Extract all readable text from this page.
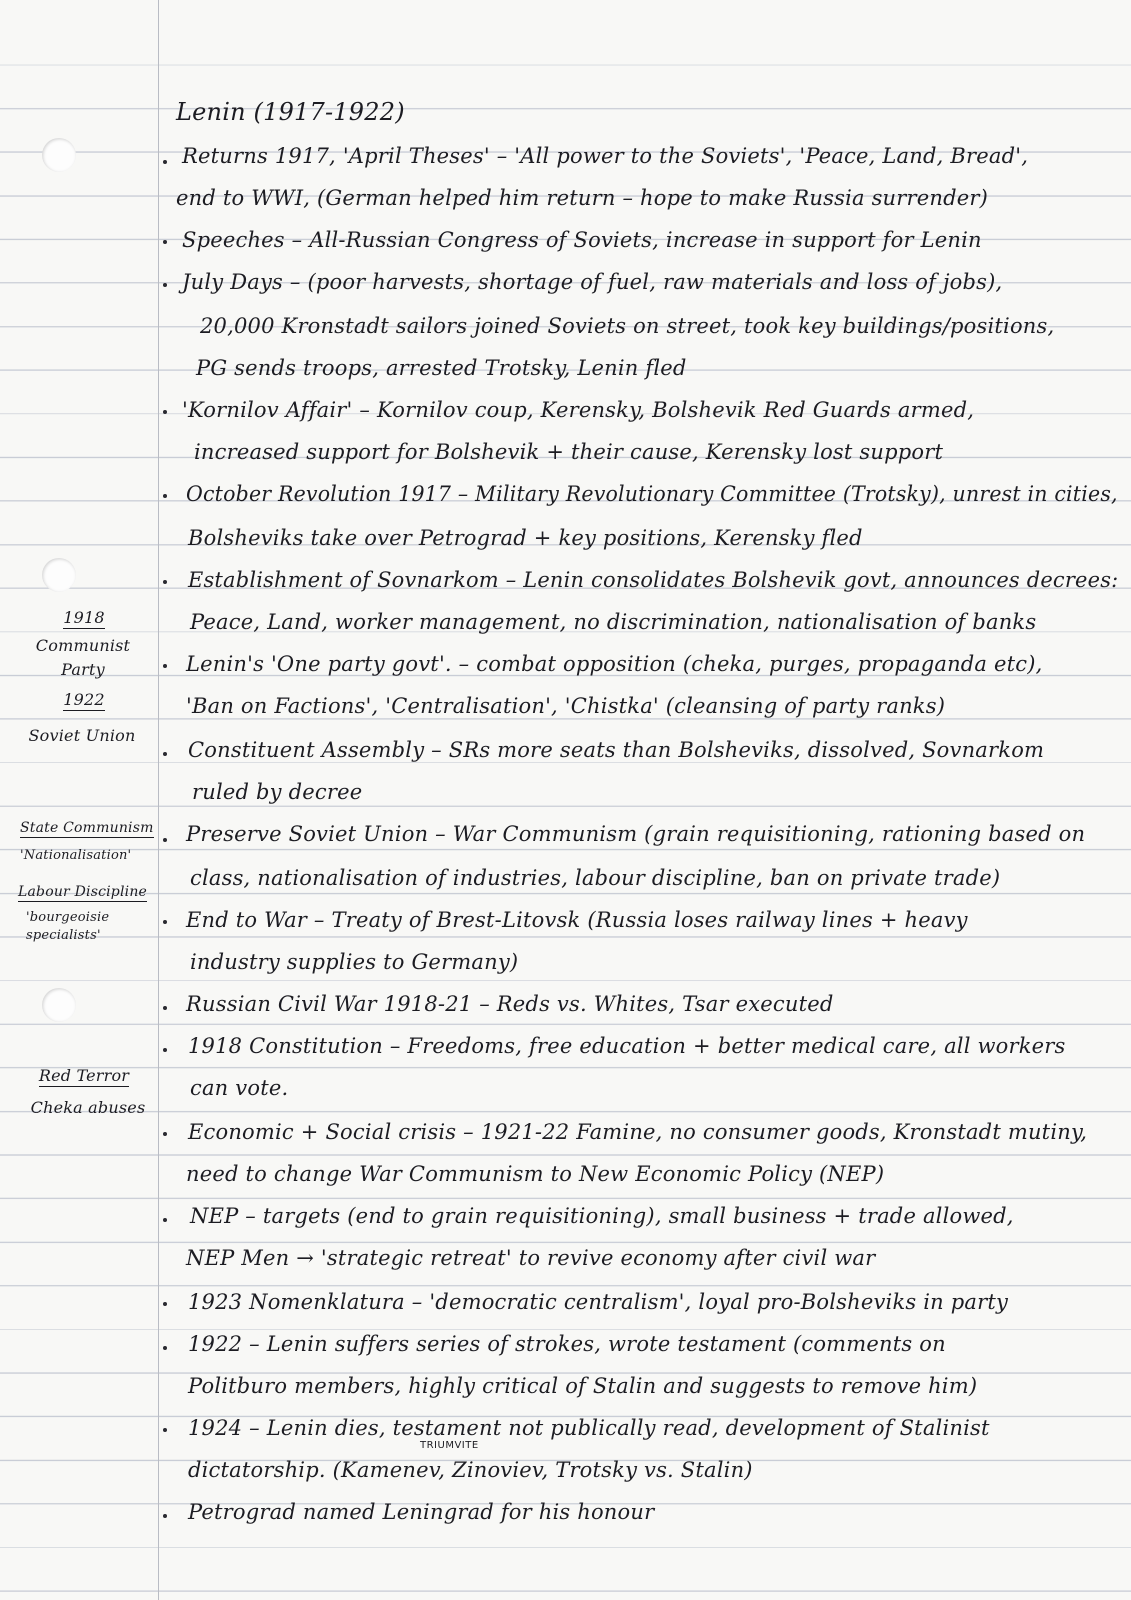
Lenin (1917-1922)
Returns 1917, 'April Theses' – 'All power to the Soviets', 'Peace, Land, Bread',
end to WWI, (German helped him return – hope to make Russia surrender)
Speeches – All-Russian Congress of Soviets, increase in support for Lenin
July Days – (poor harvests, shortage of fuel, raw materials and loss of jobs),
20,000 Kronstadt sailors joined Soviets on street, took key buildings/positions,
PG sends troops, arrested Trotsky, Lenin fled
'Kornilov Affair' – Kornilov coup, Kerensky, Bolshevik Red Guards armed,
increased support for Bolshevik + their cause, Kerensky lost support
October Revolution 1917 – Military Revolutionary Committee (Trotsky), unrest in cities,
Bolsheviks take over Petrograd + key positions, Kerensky fled
Establishment of Sovnarkom – Lenin consolidates Bolshevik govt, announces decrees:
Peace, Land, worker management, no discrimination, nationalisation of banks
Lenin's 'One party govt'. – combat opposition (cheka, purges, propaganda etc),
'Ban on Factions', 'Centralisation', 'Chistka' (cleansing of party ranks)
Constituent Assembly – SRs more seats than Bolsheviks, dissolved, Sovnarkom
ruled by decree
Preserve Soviet Union – War Communism (grain requisitioning, rationing based on
class, nationalisation of industries, labour discipline, ban on private trade)
End to War – Treaty of Brest-Litovsk (Russia loses railway lines + heavy
industry supplies to Germany)
Russian Civil War 1918-21 – Reds vs. Whites, Tsar executed
1918 Constitution – Freedoms, free education + better medical care, all workers
can vote.
Economic + Social crisis – 1921-22 Famine, no consumer goods, Kronstadt mutiny,
need to change War Communism to New Economic Policy (NEP)
NEP – targets (end to grain requisitioning), small business + trade allowed,
NEP Men → 'strategic retreat' to revive economy after civil war
1923 Nomenklatura – 'democratic centralism', loyal pro-Bolsheviks in party
1922 – Lenin suffers series of strokes, wrote testament (comments on
Politburo members, highly critical of Stalin and suggests to remove him)
1924 – Lenin dies, testament not publically read, development of Stalinist
dictatorship. (Kamenev, Zinoviev, Trotsky vs. Stalin)
Petrograd named Leningrad for his honour
TRIUMVITE
1918
Communist
Party
1922
Soviet Union
State Communism
'Nationalisation'
Labour Discipline
'bourgeoisie
specialists'
Red Terror
Cheka abuses
